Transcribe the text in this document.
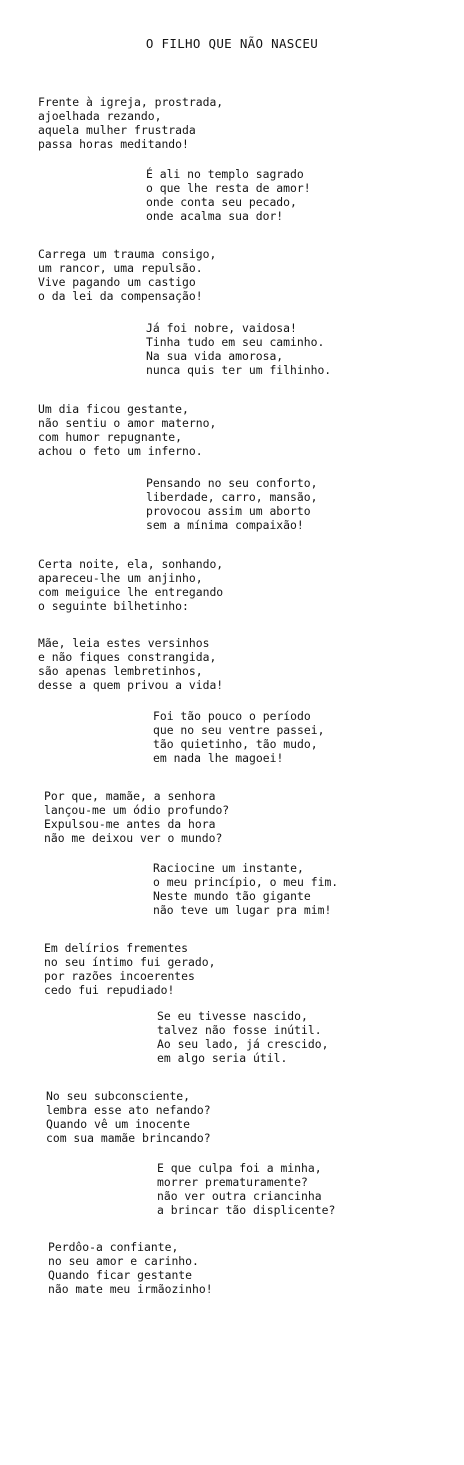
O FILHO QUE NÃO NASCEU
Frente à igreja, prostrada,
ajoelhada rezando,
aquela mulher frustrada
passa horas meditando!
É ali no templo sagrado
o que lhe resta de amor!
onde conta seu pecado,
onde acalma sua dor!
Carrega um trauma consigo,
um rancor, uma repulsão.
Vive pagando um castigo
o da lei da compensação!
Já foi nobre, vaidosa!
Tinha tudo em seu caminho.
Na sua vida amorosa,
nunca quis ter um filhinho.
Um dia ficou gestante,
não sentiu o amor materno,
com humor repugnante,
achou o feto um inferno.
Pensando no seu conforto,
liberdade, carro, mansão,
provocou assim um aborto
sem a mínima compaixão!
Certa noite, ela, sonhando,
apareceu-lhe um anjinho,
com meiguice lhe entregando
o seguinte bilhetinho:
Mãe, leia estes versinhos
e não fiques constrangida,
são apenas lembretinhos,
desse a quem privou a vida!
Foi tão pouco o período
que no seu ventre passei,
tão quietinho, tão mudo,
em nada lhe magoei!
Por que, mamãe, a senhora
lançou-me um ódio profundo?
Expulsou-me antes da hora
não me deixou ver o mundo?
Raciocine um instante,
o meu princípio, o meu fim.
Neste mundo tão gigante
não teve um lugar pra mim!
Em delírios frementes
no seu íntimo fui gerado,
por razões incoerentes
cedo fui repudiado!
Se eu tivesse nascido,
talvez não fosse inútil.
Ao seu lado, já crescido,
em algo seria útil.
No seu subconsciente,
lembra esse ato nefando?
Quando vê um inocente
com sua mamãe brincando?
E que culpa foi a minha,
morrer prematuramente?
não ver outra criancinha
a brincar tão displicente?
Perdôo-a confiante,
no seu amor e carinho.
Quando ficar gestante
não mate meu irmãozinho!
